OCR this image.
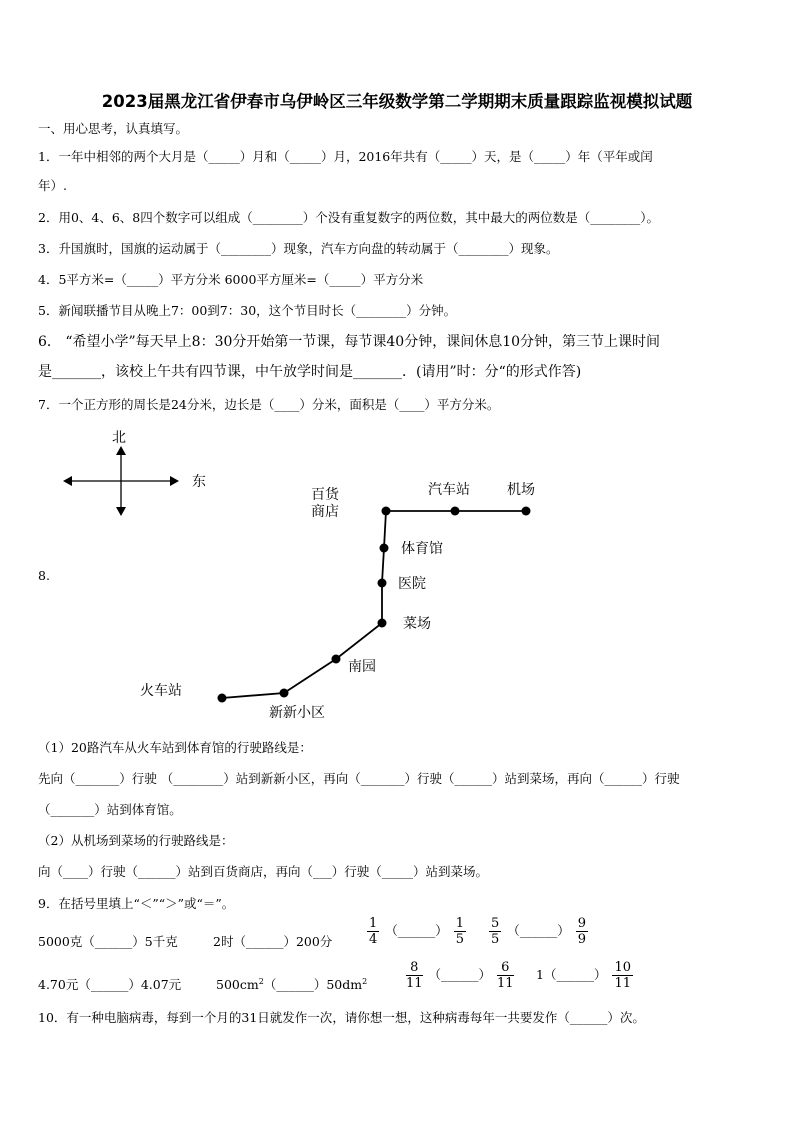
2023届黑龙江省伊春市乌伊岭区三年级数学第二学期期末质量跟踪监视模拟试题
一、用心思考，认真填写。
1．一年中相邻的两个大月是（_____）月和（_____）月，2016年共有（_____）天，是（_____）年（平年或闰
年）.
2．用0、4、6、8四个数字可以组成（________）个没有重复数字的两位数，其中最大的两位数是（________）。
3．升国旗时，国旗的运动属于（________）现象，汽车方向盘的转动属于（________）现象。
4．5平方米=（_____）平方分米 6000平方厘米=（_____）平方分米
5．新闻联播节目从晚上7：00到7：30，这个节目时长（________）分钟。
6． “希望小学”每天早上8：30分开始第一节课，每节课40分钟，课间休息10分钟，第三节上课时间
是_______，该校上午共有四节课，中午放学时间是_______．(请用”时：分“的形式作答)
7．一个正方形的周长是24分米，边长是（____）分米，面积是（____）平方分米。
8.
北
东
百货
商店
汽车站	机场
体育馆
医院
菜场
南园
火车站
新新小区
（1）20路汽车从火车站到体育馆的行驶路线是：
先向（_______）行驶 （________）站到新新小区，再向（_______）行驶（______）站到菜场，再向（______）行驶
（_______）站到体育馆。
（2）从机场到菜场的行驶路线是：
向（____）行驶（______）站到百货商店，再向（___）行驶（_____）站到菜场。
9．在括号里填上“＜”“＞”或“＝”。
5000克（______）5千克	2时（______）200分	$\frac{1}{4}$ （______） $\frac{1}{5} \frac{5}{5}$ （______） $\frac{9}{9}$
4.70元（______）4.07元	$500cm^2(\_\_\_\_\_\_)50dm^2$	$\frac{8}{11}$ （______） $\frac{6}{11}$ 1（______） $\frac{10}{11}$
10．有一种电脑病毒，每到一个月的31日就发作一次，请你想一想，这种病毒每年一共要发作（______）次。
